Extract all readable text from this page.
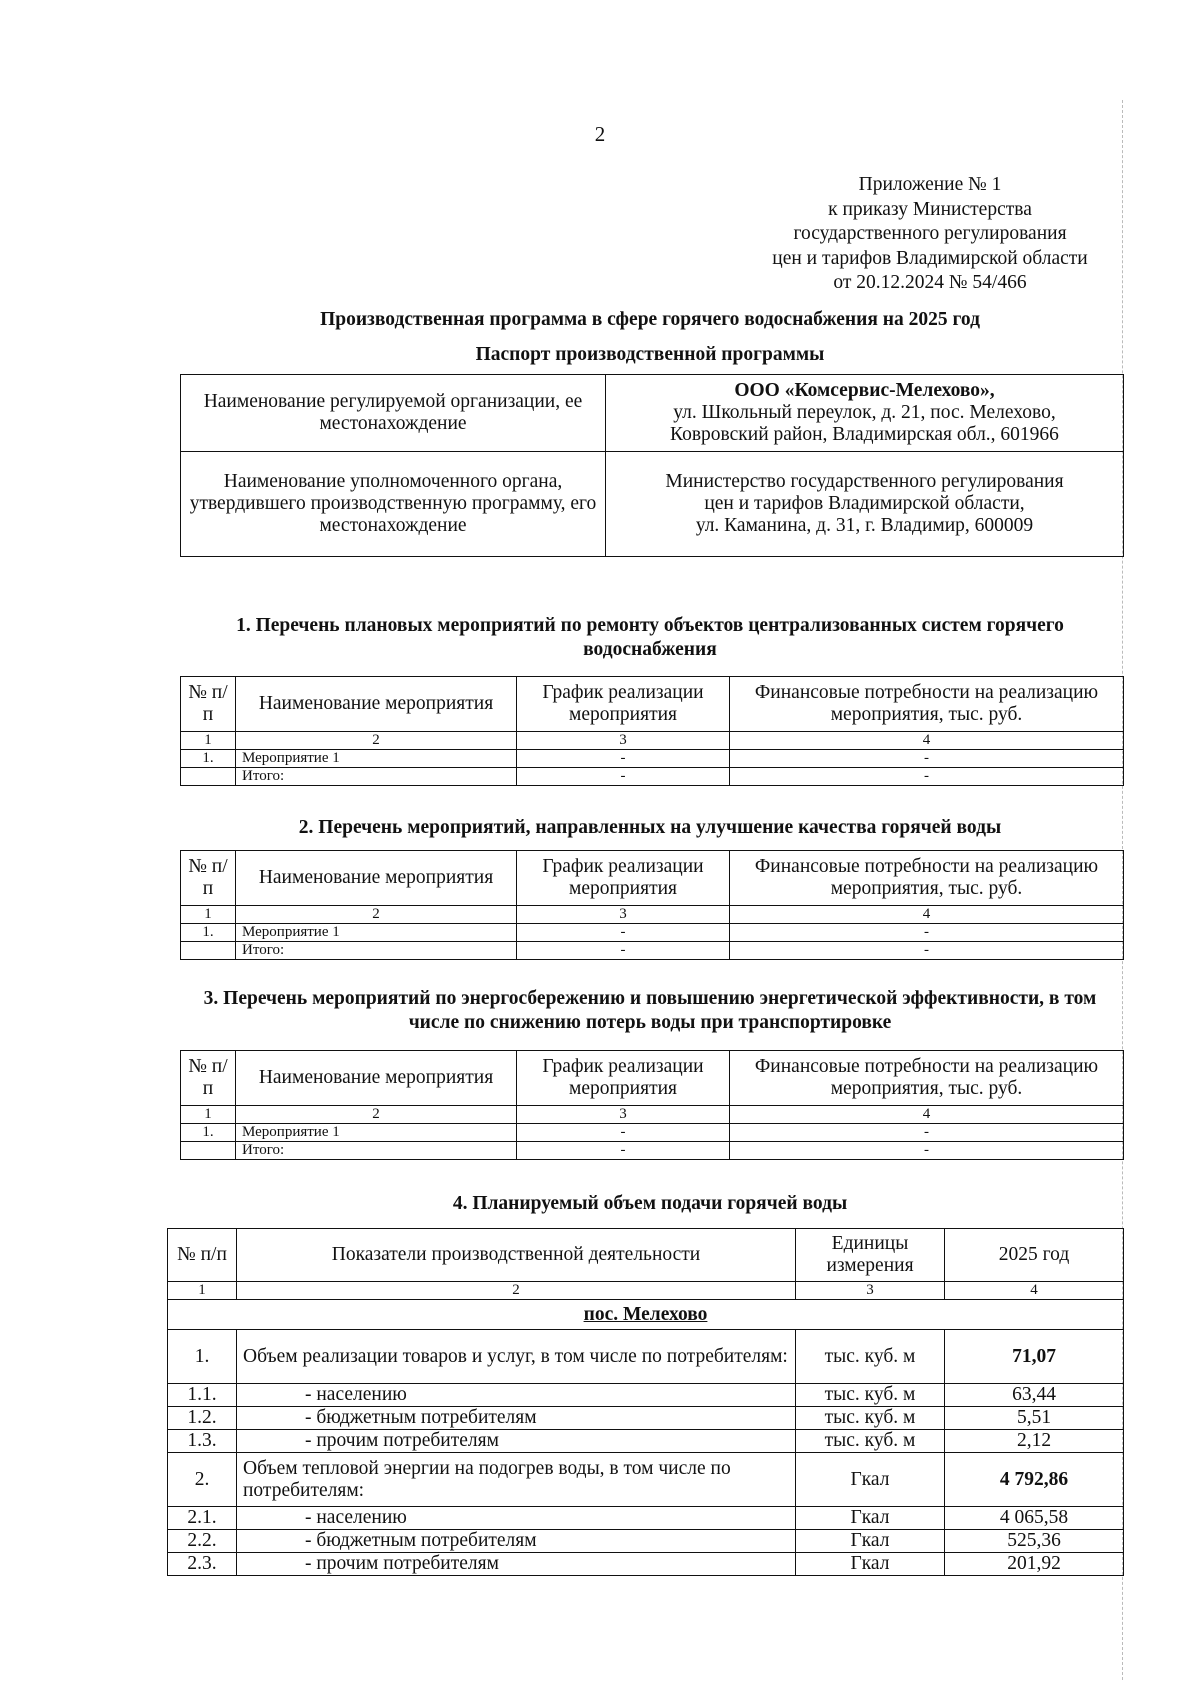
2
Приложение № 1
к приказу Министерства
государственного регулирования
цен и тарифов Владимирской области
от 20.12.2024 № 54/466
Производственная программа в сфере горячего водоснабжения на 2025 год
Паспорт производственной программы
Наименование регулируемой организации, ее местонахождение	ООО «Комсервис-Мелехово»,
ул. Школьный переулок, д. 21, пос. Мелехово,
Ковровский район, Владимирская обл., 601966

Наименование уполномоченного органа, утвердившего производственную программу, его местонахождение	Министерство государственного регулирования
цен и тарифов Владимирской области,
ул. Каманина, д. 31, г. Владимир, 600009
1. Перечень плановых мероприятий по ремонту объектов централизованных систем горячего водоснабжения
№ п/п	Наименование мероприятия	График реализации мероприятия	Финансовые потребности на реализацию мероприятия, тыс. руб.
1	2	3	4
1.	Мероприятие 1	-	-
	Итого:	-	-
2. Перечень мероприятий, направленных на улучшение качества горячей воды
№ п/п	Наименование мероприятия	График реализации мероприятия	Финансовые потребности на реализацию мероприятия, тыс. руб.
1	2	3	4
1.	Мероприятие 1	-	-
	Итого:	-	-
3. Перечень мероприятий по энергосбережению и повышению энергетической эффективности, в том числе по снижению потерь воды при транспортировке
№ п/п	Наименование мероприятия	График реализации мероприятия	Финансовые потребности на реализацию мероприятия, тыс. руб.
1	2	3	4
1.	Мероприятие 1	-	-
	Итого:	-	-
4. Планируемый объем подачи горячей воды
№ п/п	Показатели производственной деятельности	Единицы измерения	2025 год
1	2	3	4
пос. Мелехово			
1.	Объем реализации товаров и услуг, в том числе по потребителям:	тыс. куб. м	71,07
1.1.	- населению	тыс. куб. м	63,44
1.2.	- бюджетным потребителям	тыс. куб. м	5,51
1.3.	- прочим потребителям	тыс. куб. м	2,12
2.	Объем тепловой энергии на подогрев воды, в том числе по потребителям:	Гкал	4 792,86
2.1.	- населению	Гкал	4 065,58
2.2.	- бюджетным потребителям	Гкал	525,36
2.3.	- прочим потребителям	Гкал	201,92
